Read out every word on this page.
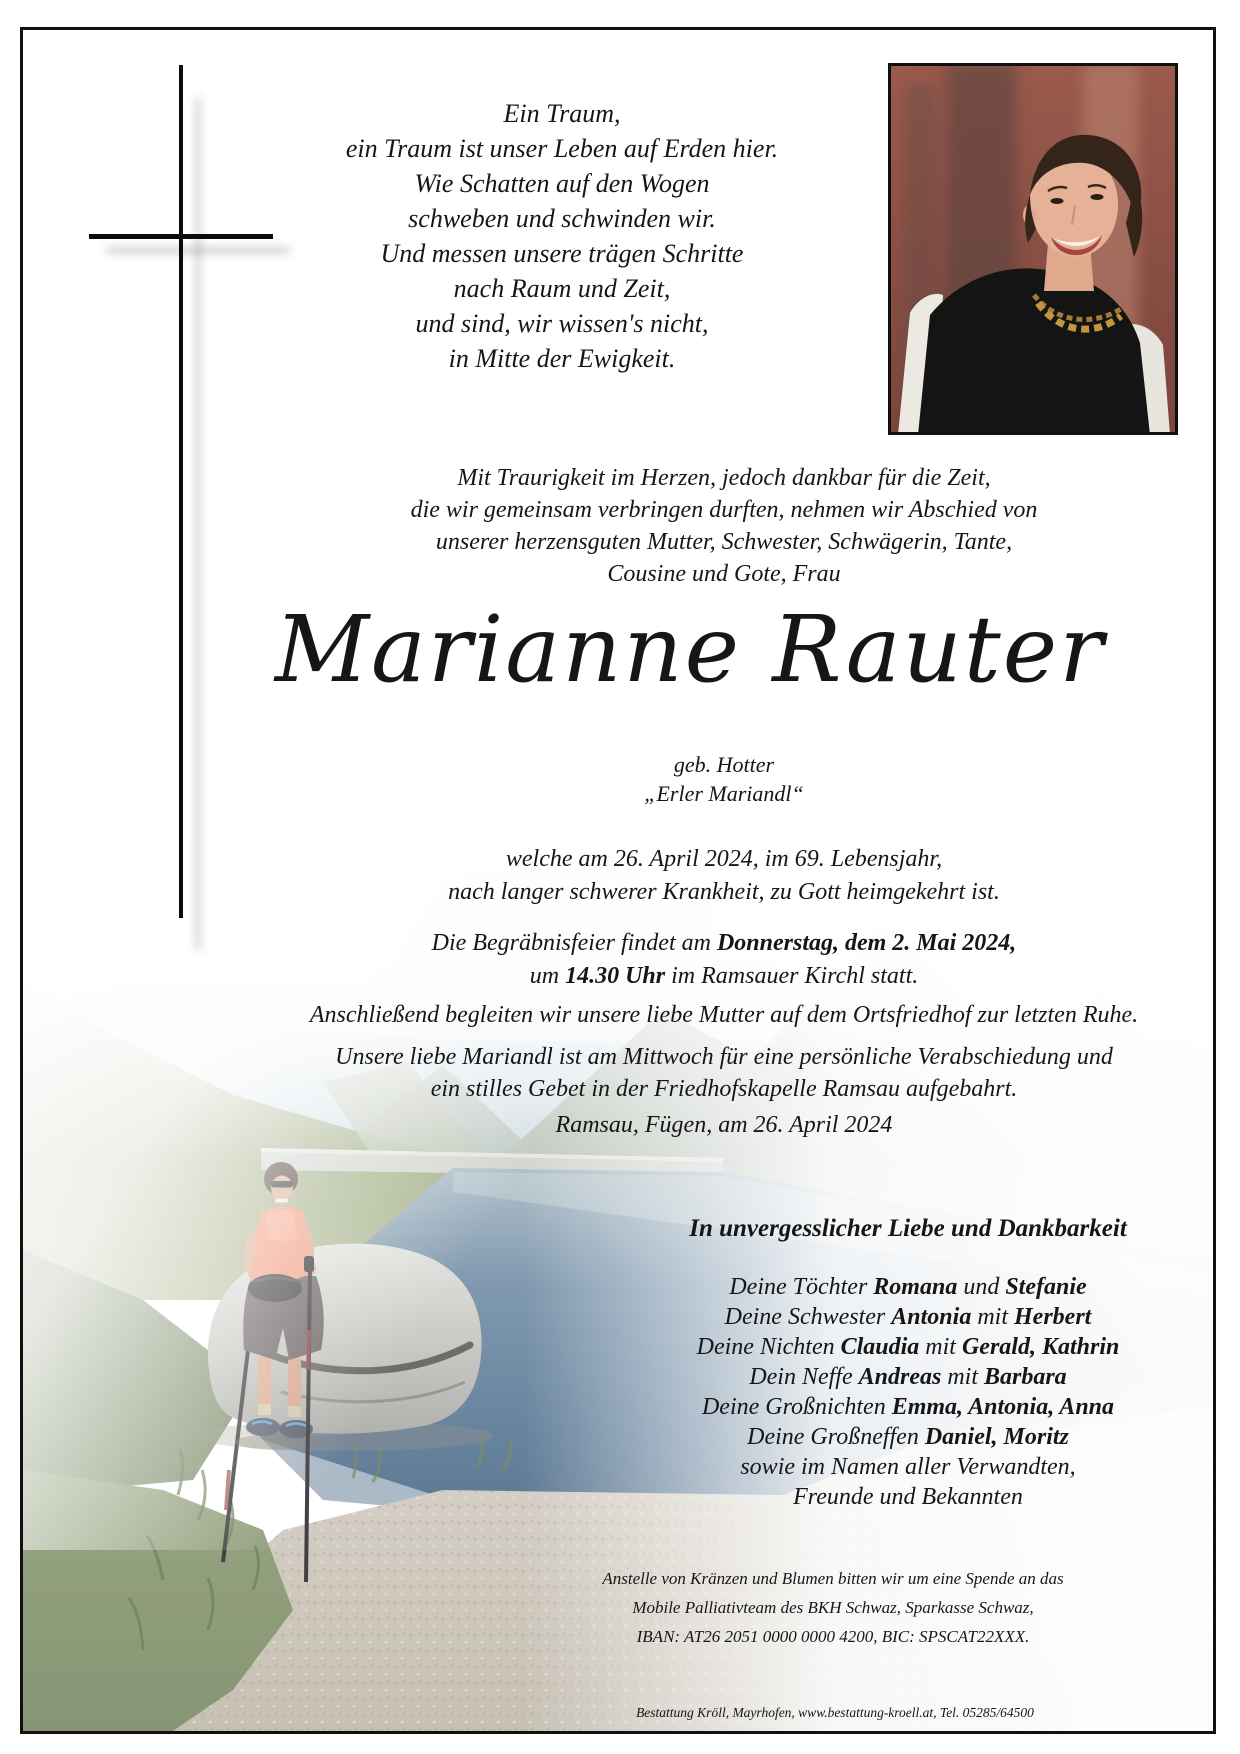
Ein Traum,
ein Traum ist unser Leben auf Erden hier.
Wie Schatten auf den Wogen
schweben und schwinden wir.
Und messen unsere trägen Schritte
nach Raum und Zeit,
und sind, wir wissen's nicht,
in Mitte der Ewigkeit.
Mit Traurigkeit im Herzen, jedoch dankbar für die Zeit,
die wir gemeinsam verbringen durften, nehmen wir Abschied von
unserer herzensguten Mutter, Schwester, Schwägerin, Tante,
Cousine und Gote, Frau
Marianne Rauter
geb. Hotter
„Erler Mariandl“
welche am 26. April 2024, im 69. Lebensjahr,
nach langer schwerer Krankheit, zu Gott heimgekehrt ist.
Die Begräbnisfeier findet am Donnerstag, dem 2. Mai 2024,
um 14.30 Uhr im Ramsauer Kirchl statt.
Anschließend begleiten wir unsere liebe Mutter auf dem Ortsfriedhof zur letzten Ruhe.
Unsere liebe Mariandl ist am Mittwoch für eine persönliche Verabschiedung und
ein stilles Gebet in der Friedhofskapelle Ramsau aufgebahrt.
Ramsau, Fügen, am 26. April 2024
In unvergesslicher Liebe und Dankbarkeit
Deine Töchter Romana und Stefanie
Deine Schwester Antonia mit Herbert
Deine Nichten Claudia mit Gerald, Kathrin
Dein Neffe Andreas mit Barbara
Deine Großnichten Emma, Antonia, Anna
Deine Großneffen Daniel, Moritz
sowie im Namen aller Verwandten,
Freunde und Bekannten
Anstelle von Kränzen und Blumen bitten wir um eine Spende an das
Mobile Palliativteam des BKH Schwaz, Sparkasse Schwaz,
IBAN: AT26 2051 0000 0000 4200, BIC: SPSCAT22XXX.
Bestattung Kröll, Mayrhofen, www.bestattung-kroell.at, Tel. 05285/64500
